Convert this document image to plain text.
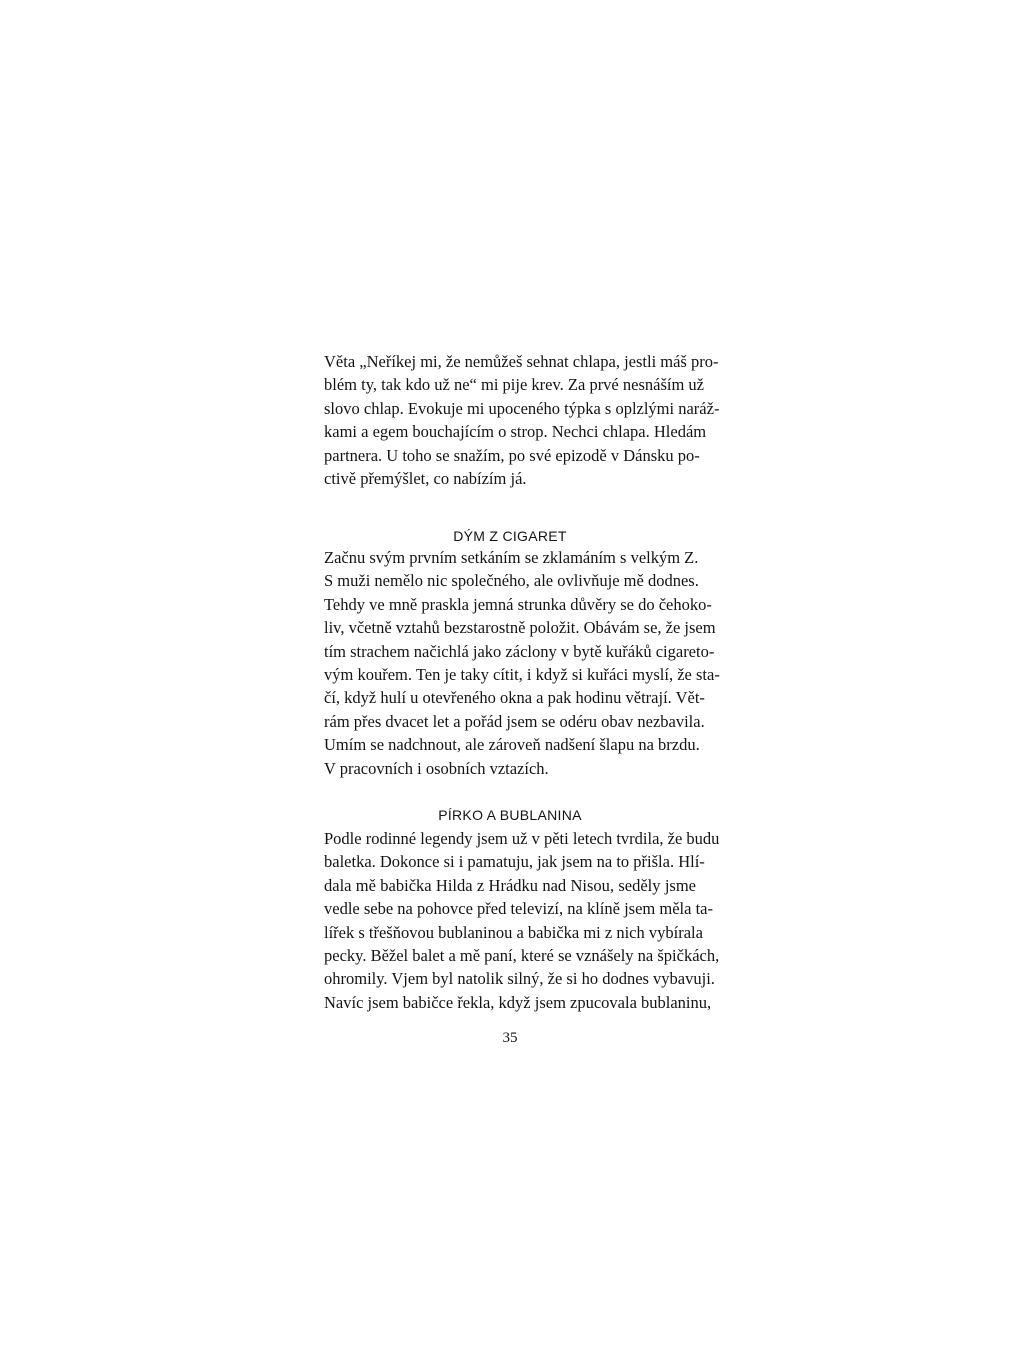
Věta „Neříkej mi, že nemůžeš sehnat chlapa, jestli máš pro-
blém ty, tak kdo už ne“ mi pije krev. Za prvé nesnáším už
slovo chlap. Evokuje mi upoceného týpka s oplzlými naráž-
kami a egem bouchajícím o strop. Nechci chlapa. Hledám
partnera. U toho se snažím, po své epizodě v Dánsku po-
ctivě přemýšlet, co nabízím já.
DÝM Z CIGARET
Začnu svým prvním setkáním se zklamáním s velkým Z.
S muži nemělo nic společného, ale ovlivňuje mě dodnes.
Tehdy ve mně praskla jemná strunka důvěry se do čehoko-
liv, včetně vztahů bezstarostně položit. Obávám se, že jsem
tím strachem načichlá jako záclony v bytě kuřáků cigareto-
vým kouřem. Ten je taky cítit, i když si kuřáci myslí, že sta-
čí, když hulí u otevřeného okna a pak hodinu větrají. Vět-
rám přes dvacet let a pořád jsem se odéru obav nezbavila.
Umím se nadchnout, ale zároveň nadšení šlapu na brzdu.
V pracovních i osobních vztazích.
PÍRKO A BUBLANINA
Podle rodinné legendy jsem už v pěti letech tvrdila, že budu
baletka. Dokonce si i pamatuju, jak jsem na to přišla. Hlí-
dala mě babička Hilda z Hrádku nad Nisou, seděly jsme
vedle sebe na pohovce před televizí, na klíně jsem měla ta-
lířek s třešňovou bublaninou a babička mi z nich vybírala
pecky. Běžel balet a mě paní, které se vznášely na špičkách,
ohromily. Vjem byl natolik silný, že si ho dodnes vybavuji.
Navíc jsem babičce řekla, když jsem zpucovala bublaninu,
35
